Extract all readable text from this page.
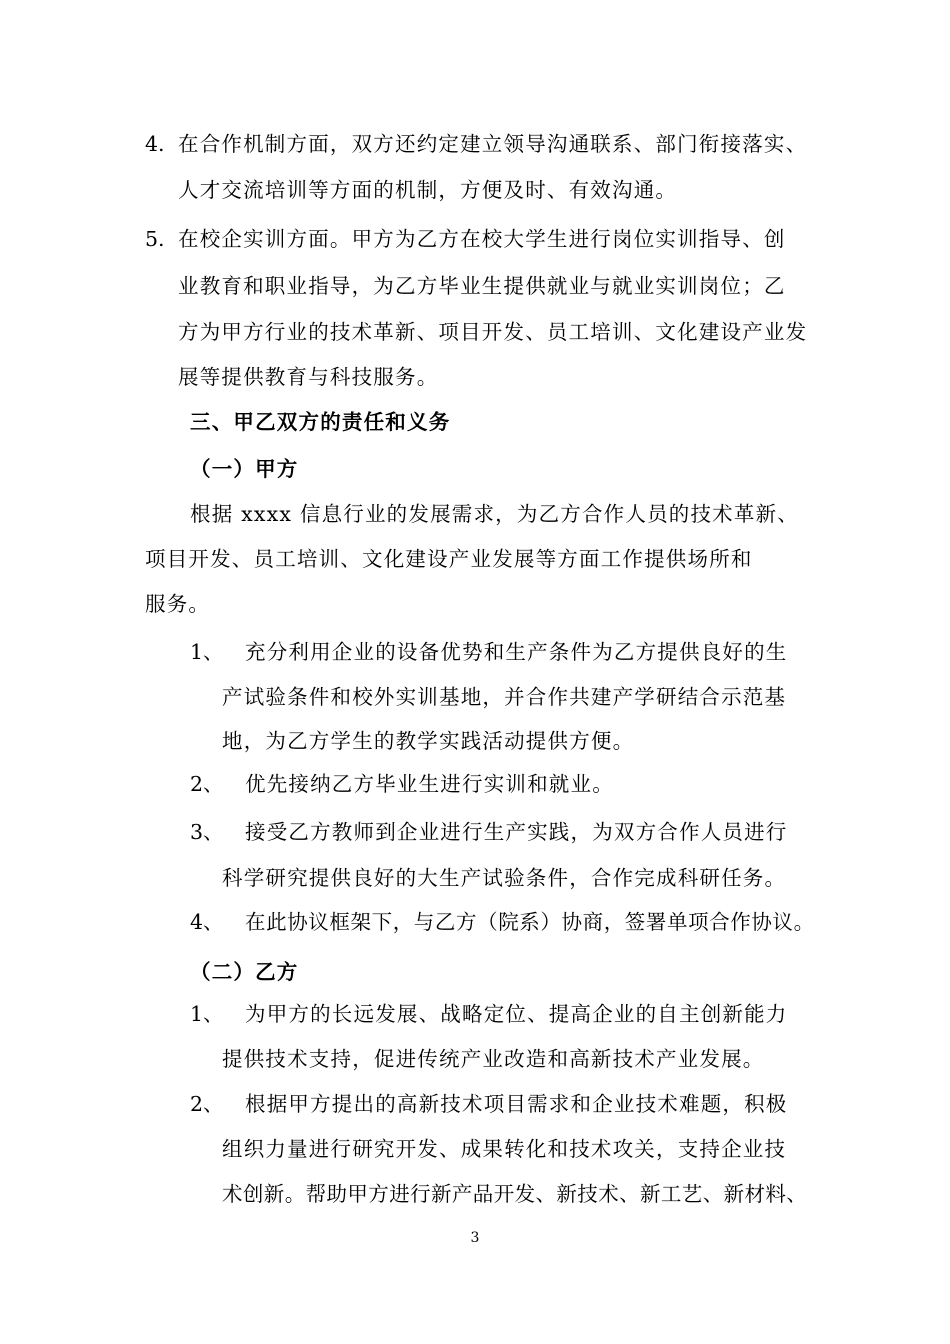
4. 在合作机制方面，双方还约定建立领导沟通联系、部门衔接落实、
人才交流培训等方面的机制，方便及时、有效沟通。
5. 在校企实训方面。甲方为乙方在校大学生进行岗位实训指导、创
业教育和职业指导，为乙方毕业生提供就业与就业实训岗位；乙
方为甲方行业的技术革新、项目开发、员工培训、文化建设产业发
展等提供教育与科技服务。
三、甲乙双方的责任和义务
（一）甲方
根据 xxxx 信息行业的发展需求，为乙方合作人员的技术革新、
项目开发、员工培训、文化建设产业发展等方面工作提供场所和
服务。
1、 充分利用企业的设备优势和生产条件为乙方提供良好的生
产试验条件和校外实训基地，并合作共建产学研结合示范基
地，为乙方学生的教学实践活动提供方便。
2、 优先接纳乙方毕业生进行实训和就业。
3、 接受乙方教师到企业进行生产实践，为双方合作人员进行
科学研究提供良好的大生产试验条件，合作完成科研任务。
4、 在此协议框架下，与乙方（院系）协商，签署单项合作协议。
（二）乙方
1、 为甲方的长远发展、战略定位、提高企业的自主创新能力
提供技术支持，促进传统产业改造和高新技术产业发展。
2、 根据甲方提出的高新技术项目需求和企业技术难题，积极
组织力量进行研究开发、成果转化和技术攻关，支持企业技
术创新。帮助甲方进行新产品开发、新技术、新工艺、新材料、
3
